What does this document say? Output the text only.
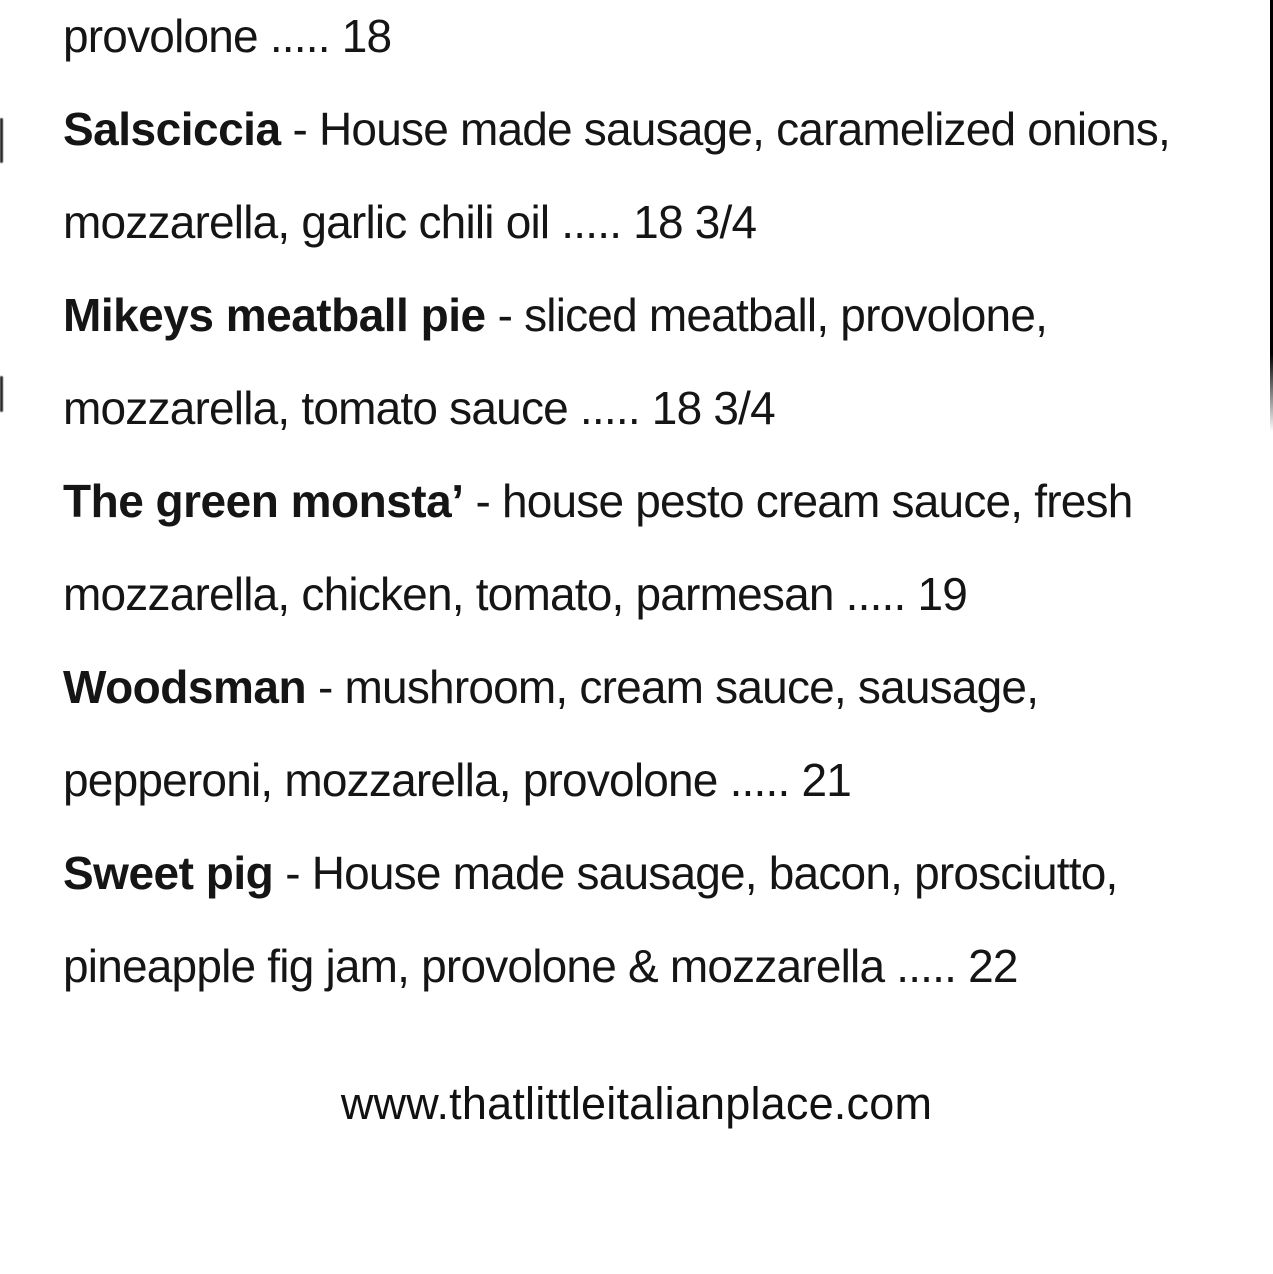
provolone ..... 18
Salsciccia - House made sausage, caramelized onions,
mozzarella, garlic chili oil ..... 18 3/4
Mikeys meatball pie - sliced meatball, provolone,
mozzarella, tomato sauce ..... 18 3/4
The green monsta’ - house pesto cream sauce, fresh
mozzarella, chicken, tomato, parmesan ..... 19
Woodsman - mushroom, cream sauce, sausage,
pepperoni, mozzarella, provolone ..... 21
Sweet pig - House made sausage, bacon, prosciutto,
pineapple fig jam, provolone & mozzarella ..... 22
www.thatlittleitalianplace.com
